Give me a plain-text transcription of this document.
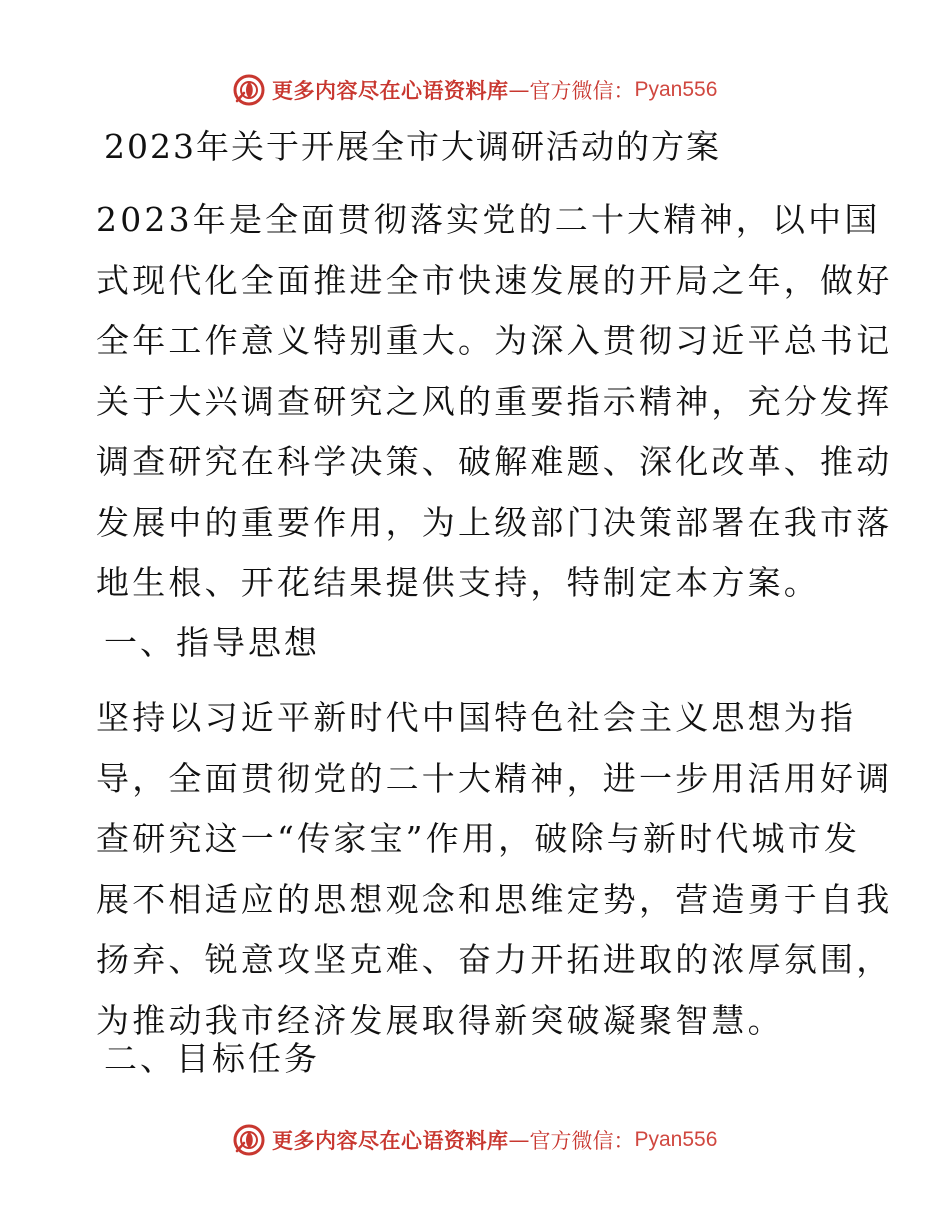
更多内容尽在心语资料库 — 官方微信： Pyan556
2023年关于开展全市大调研活动的方案
2023年是全面贯彻落实党的二十大精神，以中国
式现代化全面推进全市快速发展的开局之年，做好
全年工作意义特别重大。为深入贯彻习近平总书记
关于大兴调查研究之风的重要指示精神，充分发挥
调查研究在科学决策、破解难题、深化改革、推动
发展中的重要作用，为上级部门决策部署在我市落
地生根、开花结果提供支持，特制定本方案。
一、指导思想
坚持以习近平新时代中国特色社会主义思想为指
导，全面贯彻党的二十大精神，进一步用活用好调
查研究这一“传家宝”作用，破除与新时代城市发
展不相适应的思想观念和思维定势，营造勇于自我
扬弃、锐意攻坚克难、奋力开拓进取的浓厚氛围，
为推动我市经济发展取得新突破凝聚智慧。
二、目标任务
更多内容尽在心语资料库 — 官方微信： Pyan556
